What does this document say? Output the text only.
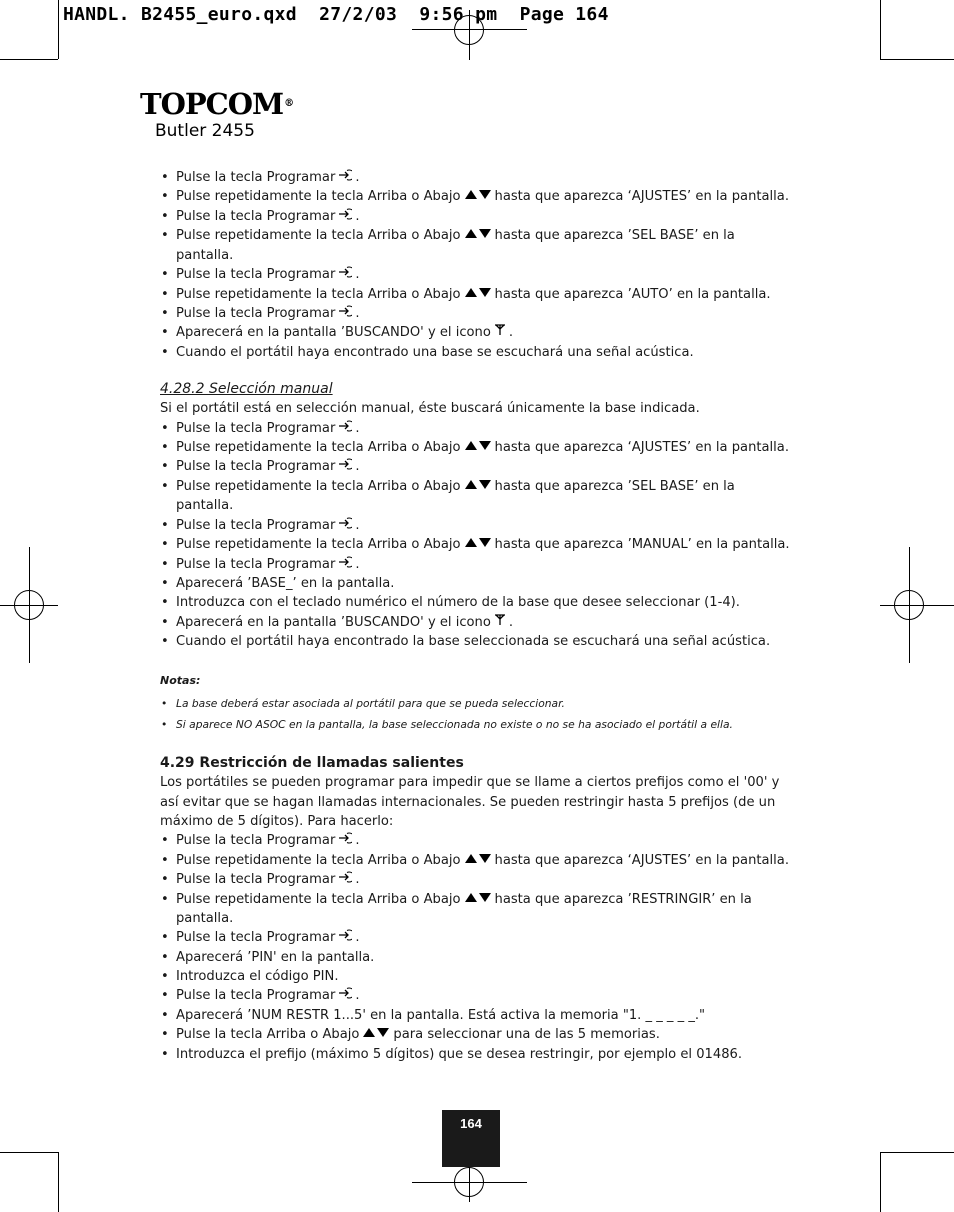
HANDL. B2455_euro.qxd  27/2/03  9:56 pm  Page 164
TOPCOM®
Butler 2455
• Pulse la tecla Programar .
• Pulse repetidamente la tecla Arriba o Abajo	hasta que aparezca ‘AJUSTES’ en la pantalla.
• Pulse la tecla Programar .
• Pulse repetidamente la tecla Arriba o Abajo	hasta que aparezca ’SEL BASE’ en la pantalla.
• Pulse la tecla Programar .
• Pulse repetidamente la tecla Arriba o Abajo	hasta que aparezca ’AUTO’ en la pantalla.
• Pulse la tecla Programar .
• Aparecerá en la pantalla ’BUSCANDO' y el icono .
• Cuando el portátil haya encontrado una base se escuchará una señal acústica.

4.28.2 Selección manual

Si el portátil está en selección manual, éste buscará únicamente la base indicada.

• Pulse la tecla Programar .
• Pulse repetidamente la tecla Arriba o Abajo	hasta que aparezca ‘AJUSTES’ en la pantalla.
• Pulse la tecla Programar .
• Pulse repetidamente la tecla Arriba o Abajo	hasta que aparezca ’SEL BASE’ en la pantalla.
• Pulse la tecla Programar .
• Pulse repetidamente la tecla Arriba o Abajo	hasta que aparezca ’MANUAL’ en la pantalla.
• Pulse la tecla Programar .
• Aparecerá ’BASE_’ en la pantalla.
• Introduzca con el teclado numérico el número de la base que desee seleccionar (1-4).
• Aparecerá en la pantalla ’BUSCANDO' y el icono .
• Cuando el portátil haya encontrado la base seleccionada se escuchará una señal acústica.

Notas:

• La base deberá estar asociada al portátil para que se pueda seleccionar.
• Si aparece NO ASOC en la pantalla, la base seleccionada no existe o no se ha asociado el portátil a ella.

4.29 Restricción de llamadas salientes

Los portátiles se pueden programar para impedir que se llame a ciertos prefijos como el '00' y así evitar que se hagan llamadas internacionales. Se pueden restringir hasta 5 prefijos (de un máximo de 5 dígitos). Para hacerlo:

• Pulse la tecla Programar .
• Pulse repetidamente la tecla Arriba o Abajo	hasta que aparezca ‘AJUSTES’ en la pantalla.
• Pulse la tecla Programar .
• Pulse repetidamente la tecla Arriba o Abajo	hasta que aparezca ’RESTRINGIR’ en la pantalla.
• Pulse la tecla Programar .
• Aparecerá ’PIN' en la pantalla.
• Introduzca el código PIN.
• Pulse la tecla Programar .
• Aparecerá ’NUM RESTR 1...5' en la pantalla. Está activa la memoria "1. _ _ _ _ _."
• Pulse la tecla Arriba o Abajo	para seleccionar una de las 5 memorias.
• Introduzca el prefijo (máximo 5 dígitos) que se desea restringir, por ejemplo el 01486.
164
